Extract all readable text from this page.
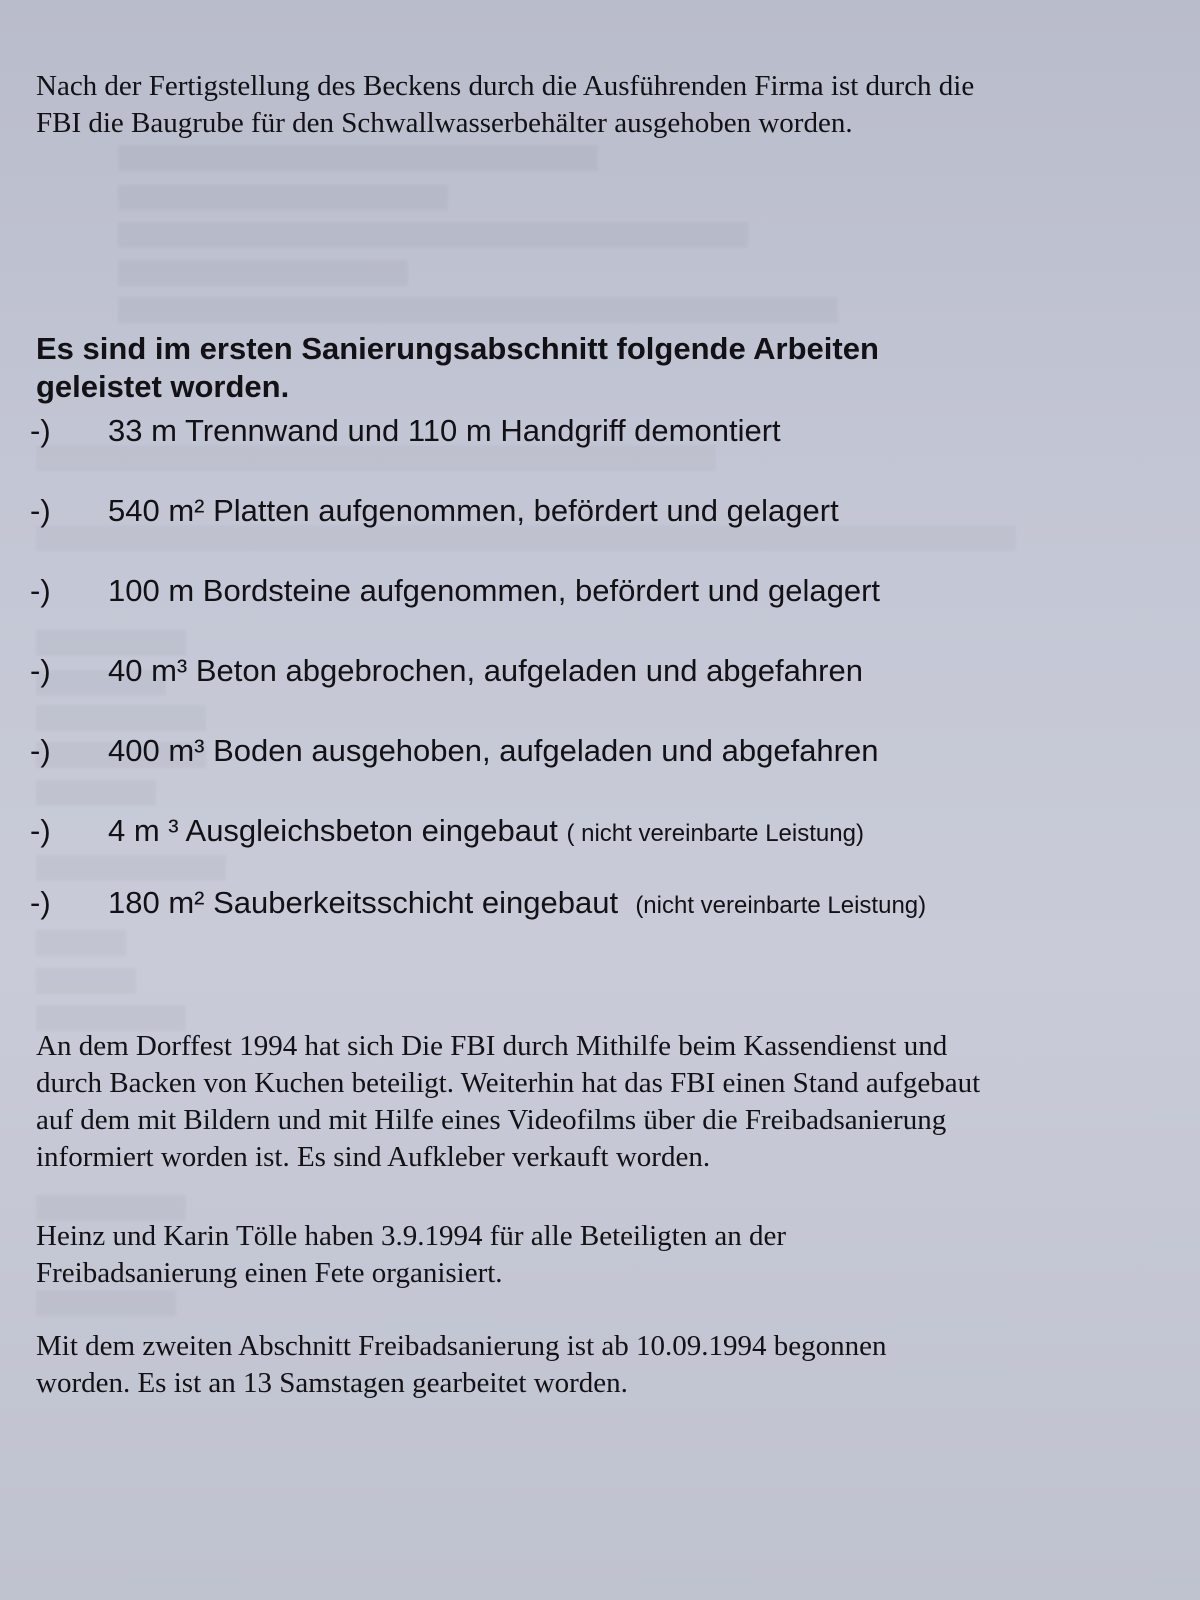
Nach der Fertigstellung des Beckens durch die Ausführenden Firma ist durch die
FBI die Baugrube für den Schwallwasserbehälter ausgehoben worden.
Es sind im ersten Sanierungsabschnitt folgende Arbeiten
geleistet worden.
-) 33 m Trennwand und 110 m Handgriff demontiert
-) 540 m² Platten aufgenommen, befördert und gelagert
-) 100 m Bordsteine aufgenommen, befördert und gelagert
-) 40 m³ Beton abgebrochen, aufgeladen und abgefahren
-) 400 m³ Boden ausgehoben, aufgeladen und abgefahren
-) 4 m ³ Ausgleichsbeton eingebaut ( nicht vereinbarte Leistung)
-) 180 m² Sauberkeitsschicht eingebaut (nicht vereinbarte Leistung)
An dem Dorffest 1994 hat sich Die FBI durch Mithilfe beim Kassendienst und
durch Backen von Kuchen beteiligt. Weiterhin hat das FBI einen Stand aufgebaut
auf dem mit Bildern und mit Hilfe eines Videofilms über die Freibadsanierung
informiert worden ist. Es sind Aufkleber verkauft worden.
Heinz und Karin Tölle haben 3.9.1994 für alle Beteiligten an der
Freibadsanierung einen Fete organisiert.
Mit dem zweiten Abschnitt Freibadsanierung ist ab 10.09.1994 begonnen
worden. Es ist an 13 Samstagen gearbeitet worden.
